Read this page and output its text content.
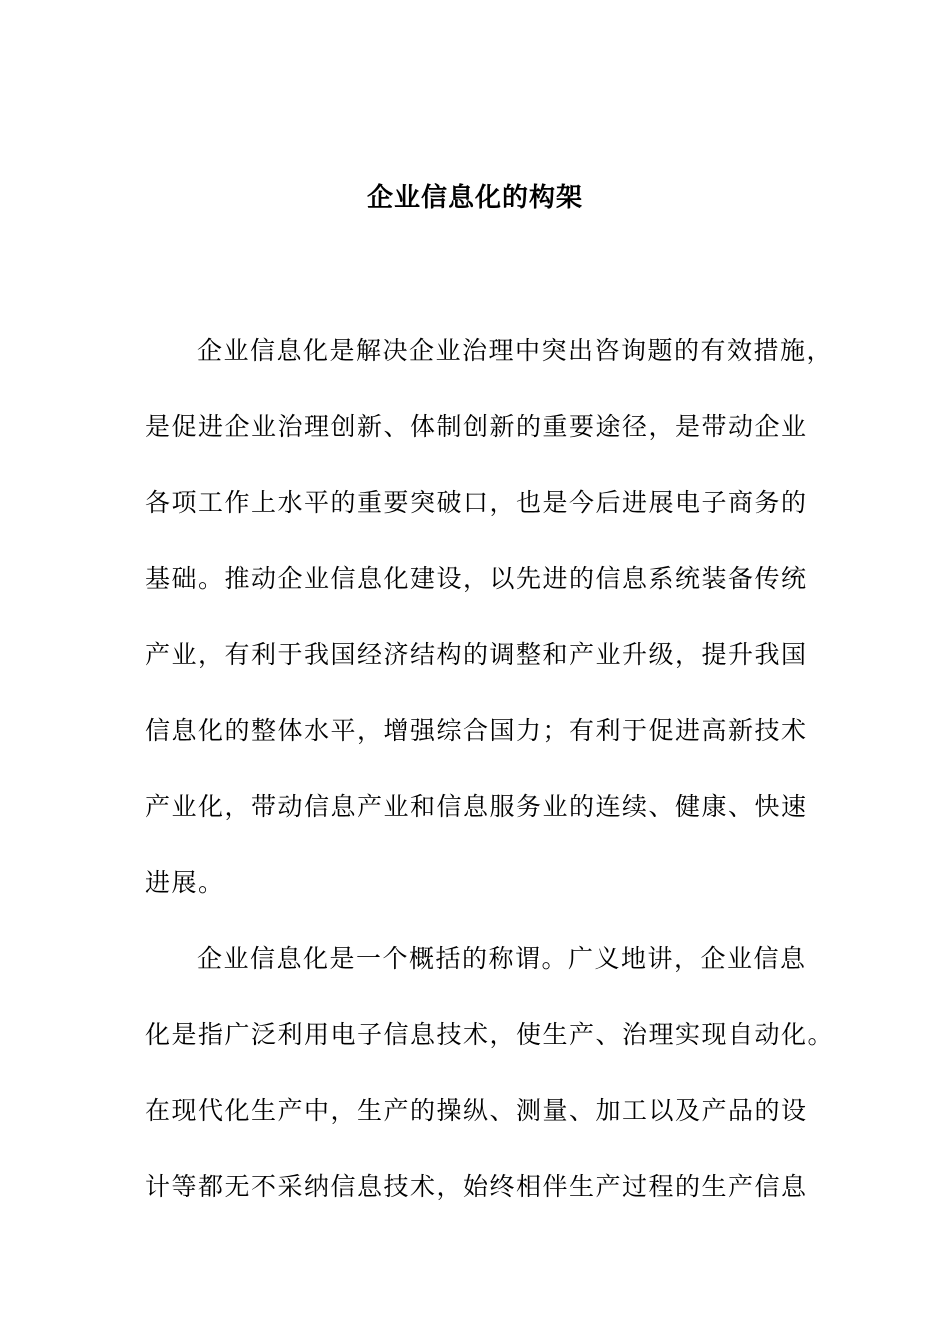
企业信息化的构架
企业信息化是解决企业治理中突出咨询题的有效措施，
是促进企业治理创新、体制创新的重要途径，是带动企业
各项工作上水平的重要突破口，也是今后进展电子商务的
基础。推动企业信息化建设，以先进的信息系统装备传统
产业，有利于我国经济结构的调整和产业升级，提升我国
信息化的整体水平，增强综合国力；有利于促进高新技术
产业化，带动信息产业和信息服务业的连续、健康、快速
进展。
企业信息化是一个概括的称谓。广义地讲，企业信息
化是指广泛利用电子信息技术，使生产、治理实现自动化。
在现代化生产中，生产的操纵、测量、加工以及产品的设
计等都无不采纳信息技术，始终相伴生产过程的生产信息
